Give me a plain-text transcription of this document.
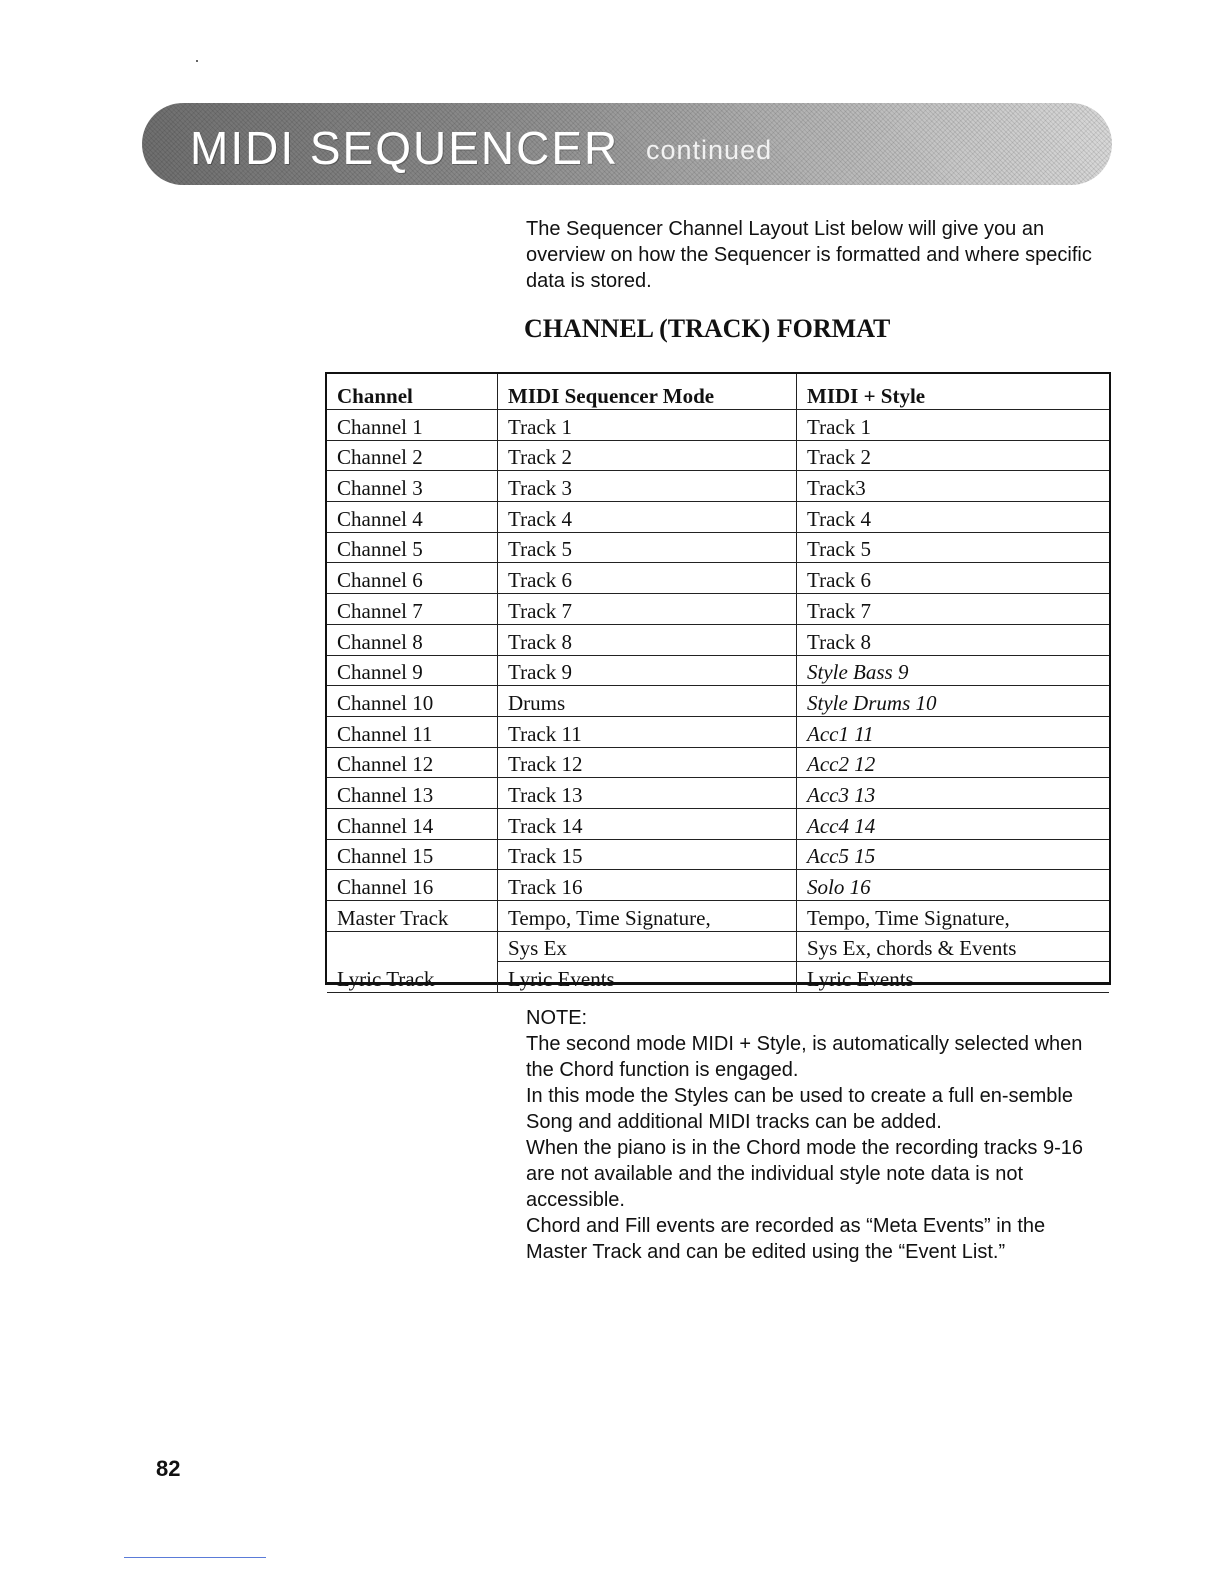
MIDI SEQUENCER continued

The Sequencer Channel Layout List below will give you an overview on how the Sequencer is formatted and where specific data is stored.

CHANNEL (TRACK) FORMAT
Channel	MIDI Sequencer Mode	MIDI + Style
Channel 1	Track 1	Track 1
Channel 2	Track 2	Track 2
Channel 3	Track 3	Track3
Channel 4	Track 4	Track 4
Channel 5	Track 5	Track 5
Channel 6	Track 6	Track 6
Channel 7	Track 7	Track 7
Channel 8	Track 8	Track 8
Channel 9	Track 9	Style Bass 9
Channel 10	Drums	Style Drums 10
Channel 11	Track 11	Acc1 11
Channel 12	Track 12	Acc2 12
Channel 13	Track 13	Acc3 13
Channel 14	Track 14	Acc4 14
Channel 15	Track 15	Acc5 15
Channel 16	Track 16	Solo 16
Master Track	Tempo, Time Signature,	Tempo, Time Signature,
	Sys Ex	Sys Ex, chords & Events
Lyric Track	Lyric Events	Lyric Events

NOTE:

The second mode MIDI + Style, is automatically selected when the Chord function is engaged.

In this mode the Styles can be used to create a full en-semble Song and additional MIDI tracks can be added.

When the piano is in the Chord mode the recording tracks 9-16 are not available and the individual style note data is not accessible.

Chord and Fill events are recorded as “Meta Events” in the Master Track and can be edited using the “Event List.”

82
